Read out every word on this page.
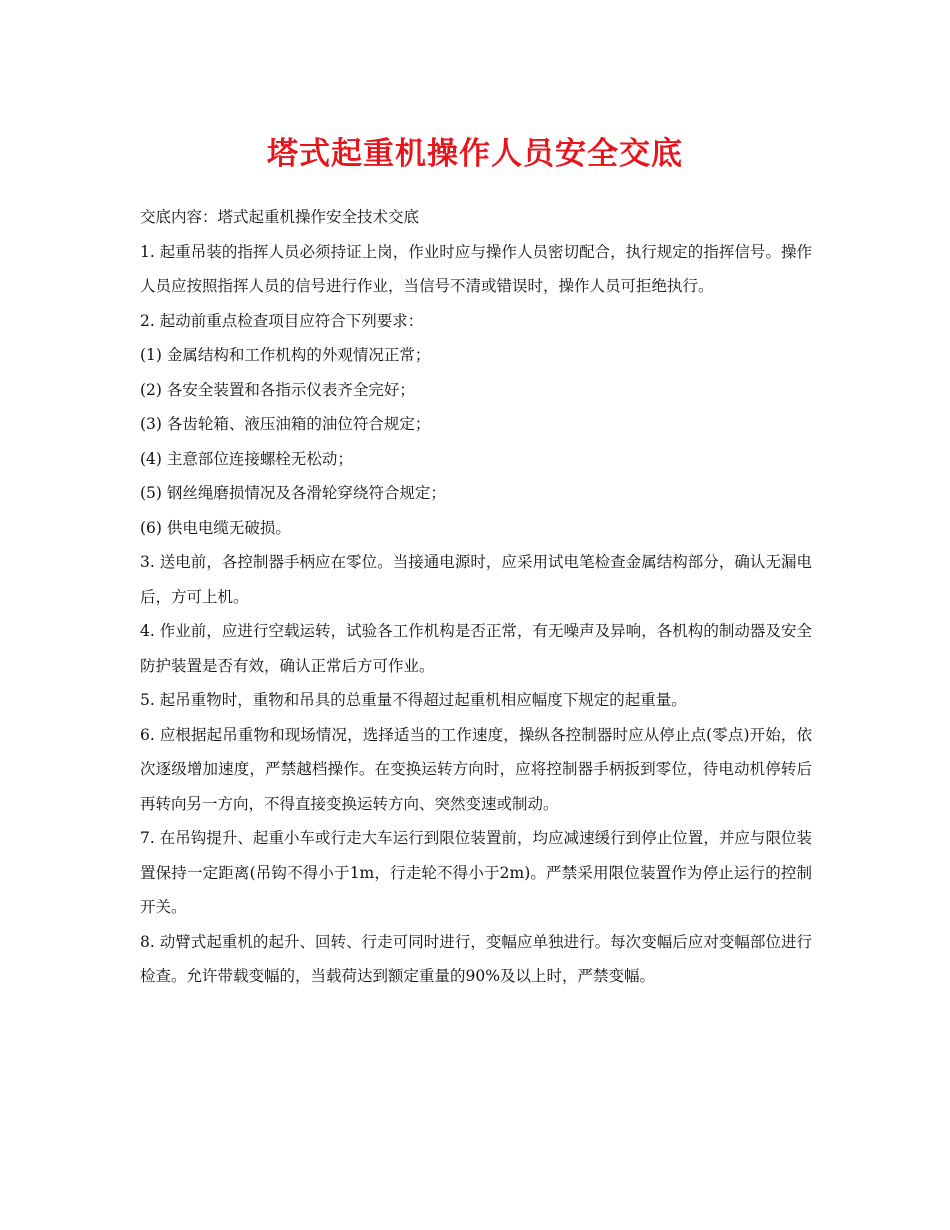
塔式起重机操作人员安全交底

交底内容：塔式起重机操作安全技术交底

1. 起重吊装的指挥人员必须持证上岗，作业时应与操作人员密切配合，执行规定的指挥信号。操作人员应按照指挥人员的信号进行作业，当信号不清或错误时，操作人员可拒绝执行。

2. 起动前重点检查项目应符合下列要求：

(1) 金属结构和工作机构的外观情况正常；

(2) 各安全装置和各指示仪表齐全完好；

(3) 各齿轮箱、液压油箱的油位符合规定；

(4) 主意部位连接螺栓无松动；

(5) 钢丝绳磨损情况及各滑轮穿绕符合规定；

(6) 供电电缆无破损。

3. 送电前，各控制器手柄应在零位。当接通电源时，应采用试电笔检查金属结构部分，确认无漏电后，方可上机。

4. 作业前，应进行空载运转，试验各工作机构是否正常，有无噪声及异响，各机构的制动器及安全防护装置是否有效，确认正常后方可作业。

5. 起吊重物时，重物和吊具的总重量不得超过起重机相应幅度下规定的起重量。

6. 应根据起吊重物和现场情况，选择适当的工作速度，操纵各控制器时应从停止点(零点)开始，依次逐级增加速度，严禁越档操作。在变换运转方向时，应将控制器手柄扳到零位，待电动机停转后再转向另一方向，不得直接变换运转方向、突然变速或制动。

7. 在吊钩提升、起重小车或行走大车运行到限位装置前，均应减速缓行到停止位置，并应与限位装置保持一定距离(吊钩不得小于1m，行走轮不得小于2m)。严禁采用限位装置作为停止运行的控制开关。

8. 动臂式起重机的起升、回转、行走可同时进行，变幅应单独进行。每次变幅后应对变幅部位进行检查。允许带载变幅的，当载荷达到额定重量的90%及以上时，严禁变幅。
